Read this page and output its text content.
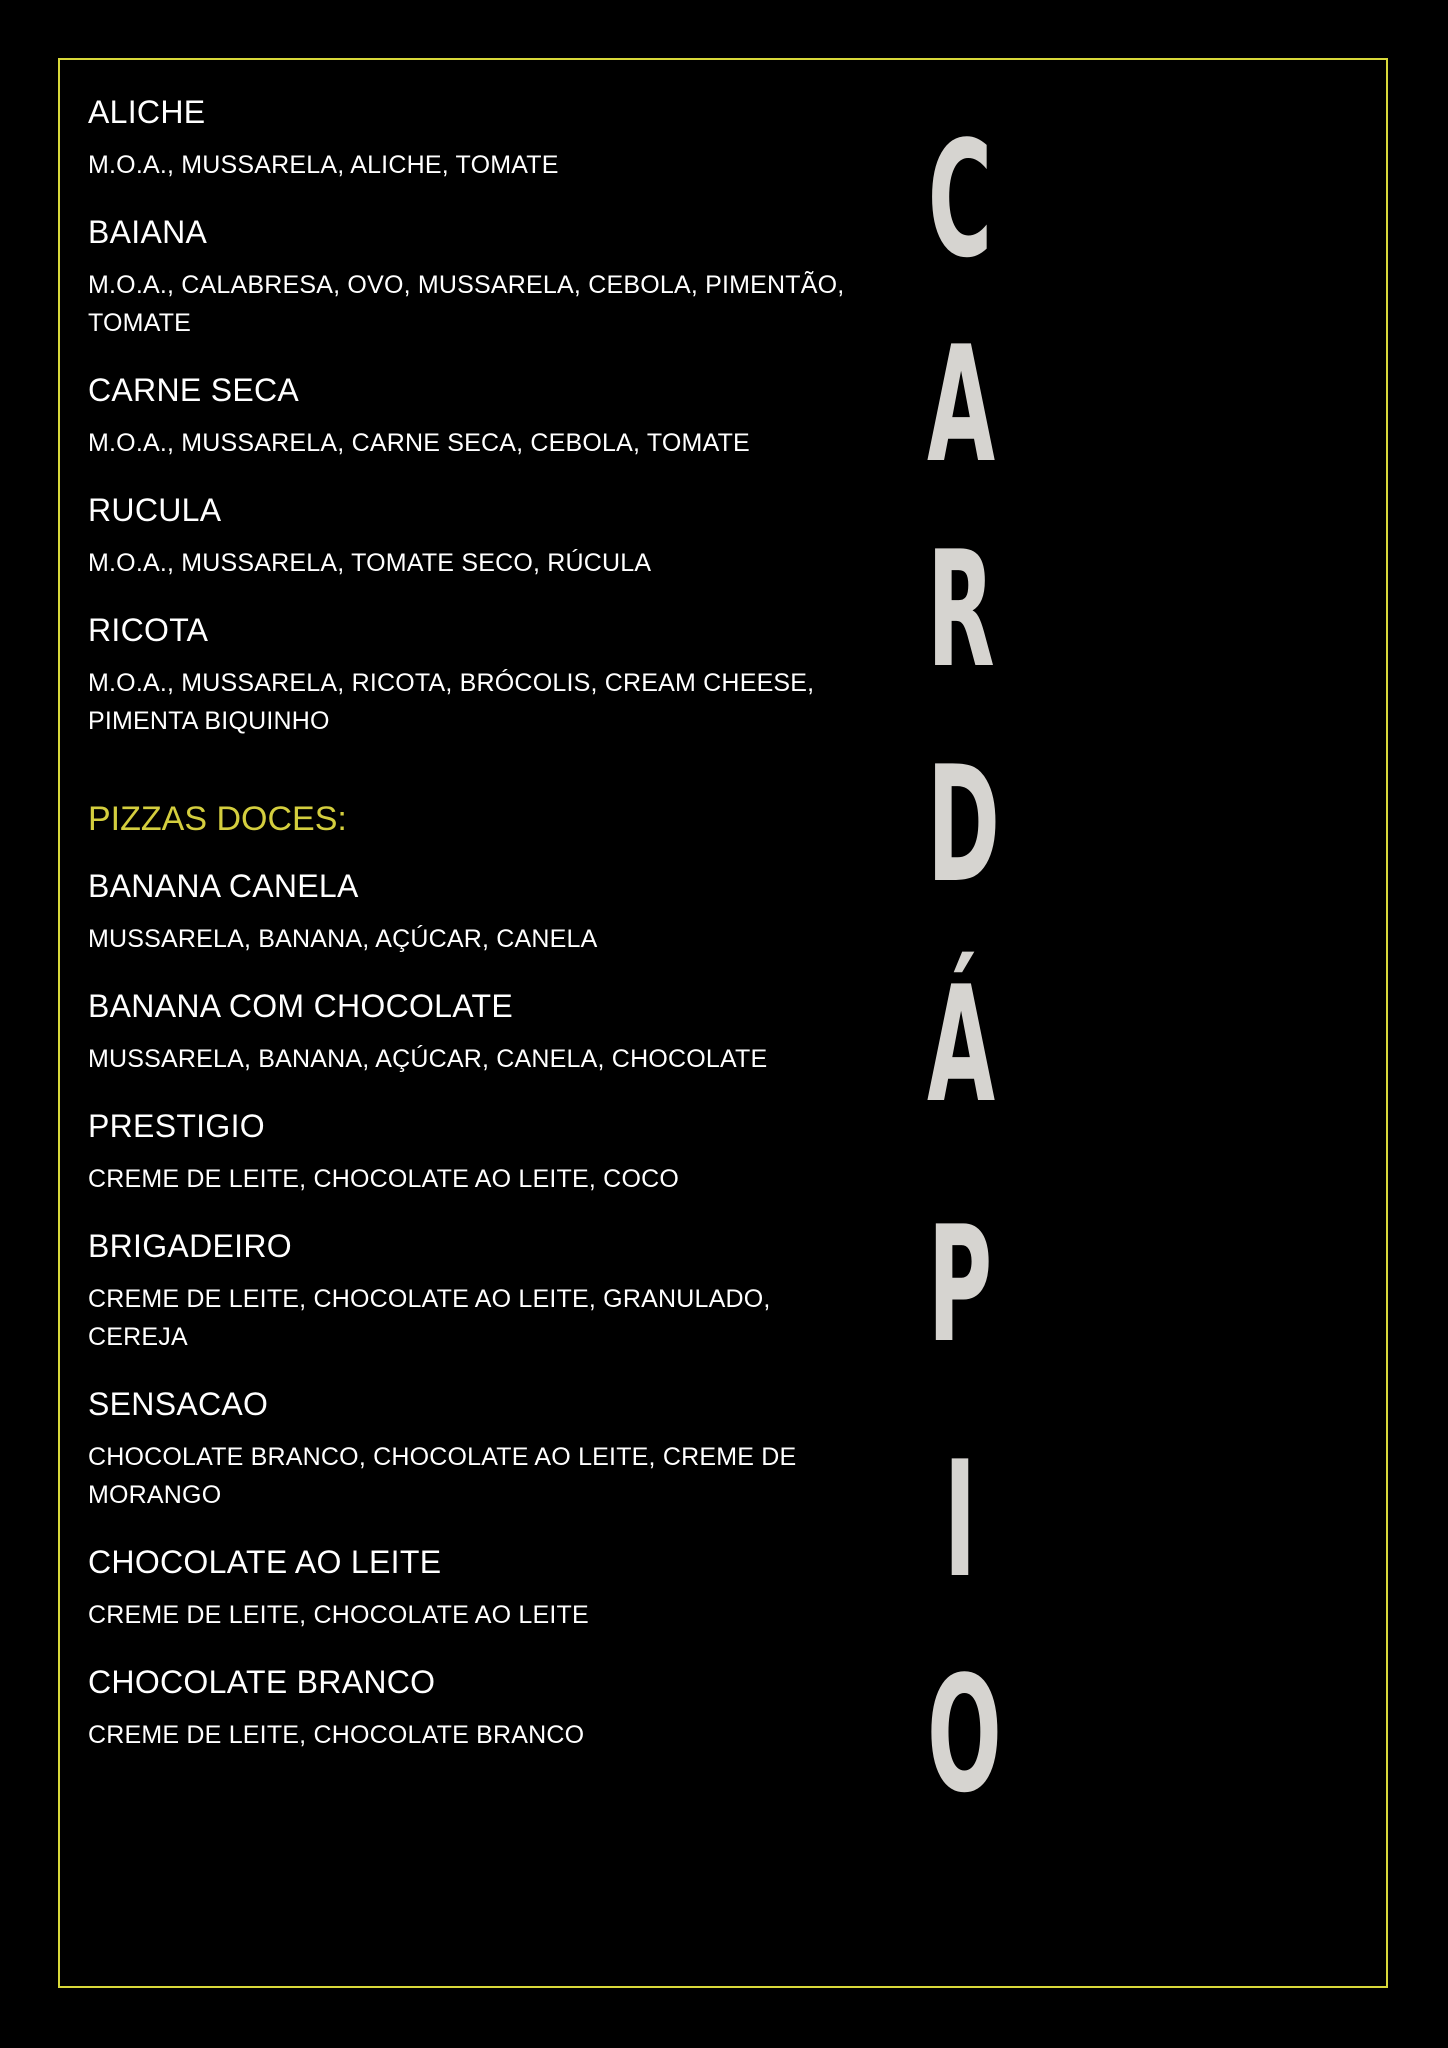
ALICHE
M.O.A., MUSSARELA, ALICHE, TOMATE
BAIANA
M.O.A., CALABRESA, OVO, MUSSARELA, CEBOLA, PIMENTÃO, TOMATE
CARNE SECA
M.O.A., MUSSARELA, CARNE SECA, CEBOLA, TOMATE
RUCULA
M.O.A., MUSSARELA, TOMATE SECO, RÚCULA
RICOTA
M.O.A., MUSSARELA, RICOTA, BRÓCOLIS, CREAM CHEESE, PIMENTA BIQUINHO
PIZZAS DOCES:
BANANA CANELA
MUSSARELA, BANANA, AÇÚCAR, CANELA
BANANA COM CHOCOLATE
MUSSARELA, BANANA, AÇÚCAR, CANELA, CHOCOLATE
PRESTIGIO
CREME DE LEITE, CHOCOLATE AO LEITE, COCO
BRIGADEIRO
CREME DE LEITE, CHOCOLATE AO LEITE, GRANULADO, CEREJA
SENSACAO
CHOCOLATE BRANCO, CHOCOLATE AO LEITE, CREME DE MORANGO
CHOCOLATE AO LEITE
CREME DE LEITE, CHOCOLATE AO LEITE
CHOCOLATE BRANCO
CREME DE LEITE, CHOCOLATE BRANCO
C
A
R
D
Á
P
I
O
